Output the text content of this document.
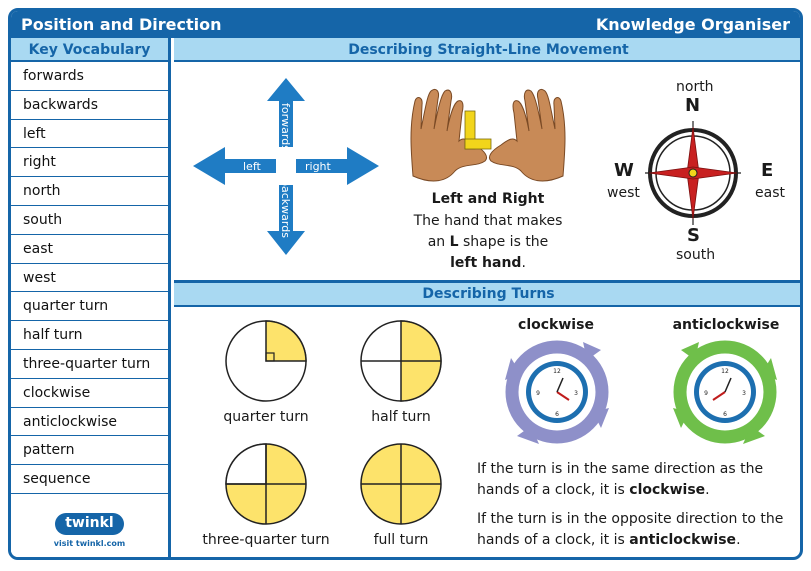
Position and Direction	Knowledge Organiser
Key Vocabulary
forwards
backwards
left
right
north
south
east
west
quarter turn
half turn
three-quarter turn
clockwise
anticlockwise
pattern
sequence
twinkl
visit twinkl.com
Describing Straight-Line Movement
left	right
forwards
backwards	Left and Right
The hand that makes
an L shape is the
left hand.
north
N
W
west
E
east
S
south
Describing Turns
quarter turn	half turn
three-quarter turn	full turn
clockwise
12
3
6
9
anticlockwise
12
3
6
9
If the turn is in the same direction as the hands of a clock, it is clockwise.
If the turn is in the opposite direction to the hands of a clock, it is anticlockwise.
